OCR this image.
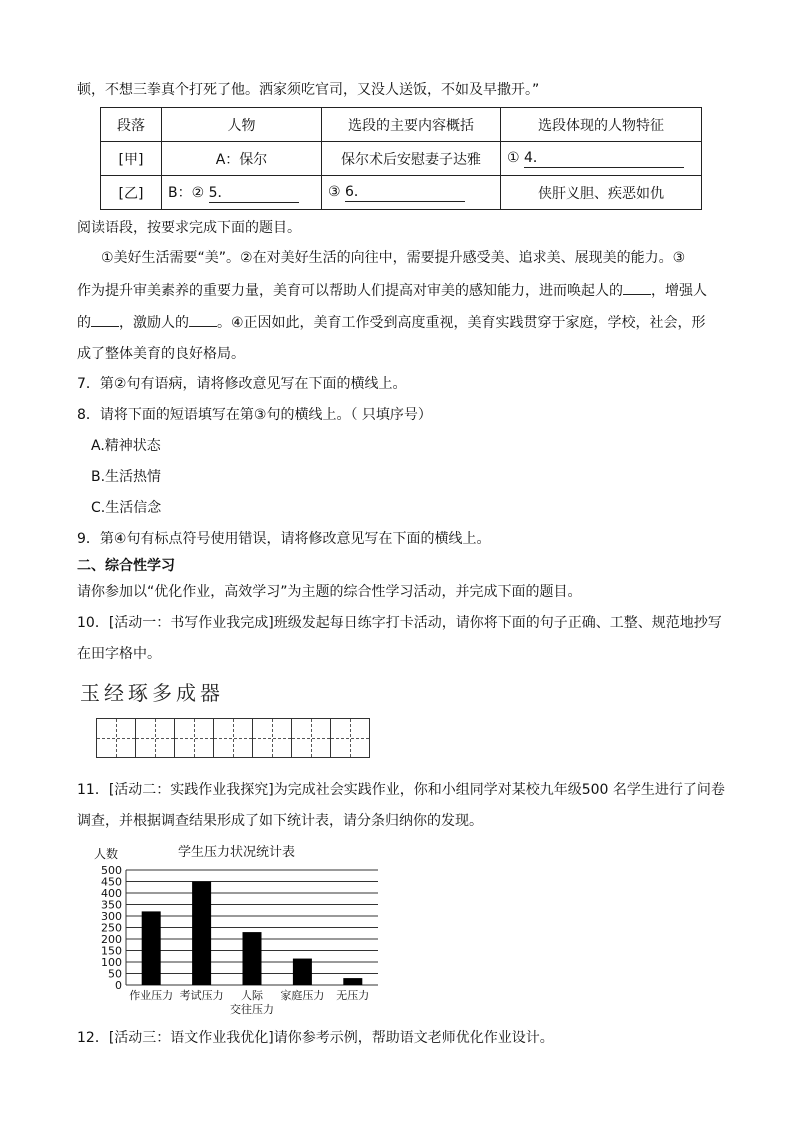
顿，不想三拳真个打死了他。洒家须吃官司，又没人送饭，不如及早撒开。”
段落	人物	选段的主要内容概括	选段体现的人物特征
[甲]	A：保尔	保尔术后安慰妻子达雅	① 4．
[乙]	B：② 5．	③ 6．	侠肝义胆、疾恶如仇
阅读语段，按要求完成下面的题目。
①美好生活需要“美”。②在对美好生活的向往中，需要提升感受美、追求美、展现美的能力。③
作为提升审美素养的重要力量，美育可以帮助人们提高对审美的感知能力，进而唤起人的 ，增强人
的 ，激励人的 。④正因如此，美育工作受到高度重视，美育实践贯穿于家庭，学校，社会，形
成了整体美育的良好格局。
7．第②句有语病，请将修改意见写在下面的横线上。
8．请将下面的短语填写在第③句的横线上。（ 只填序号）
A.精神状态
B.生活热情
C.生活信念
9．第④句有标点符号使用错误，请将修改意见写在下面的横线上。
二、综合性学习
请你参加以“优化作业，高效学习”为主题的综合性学习活动，并完成下面的题目。
10．[活动一：书写作业我完成]班级发起每日练字打卡活动，请你将下面的句子正确、工整、规范地抄写
在田字格中。
玉经琢多成器
11．[活动二：实践作业我探究]为完成社会实践作业，你和小组同学对某校九年级500 名学生进行了问卷
调查，并根据调查结果形成了如下统计表，请分条归纳你的发现。
学生压力状况统计表
人数
0
50
100
150
200
250
300
350
400
450
500
作业压力 考试压力 人际
交往压力
家庭压力 无压力
12．[活动三：语文作业我优化]请你参考示例，帮助语文老师优化作业设计。
